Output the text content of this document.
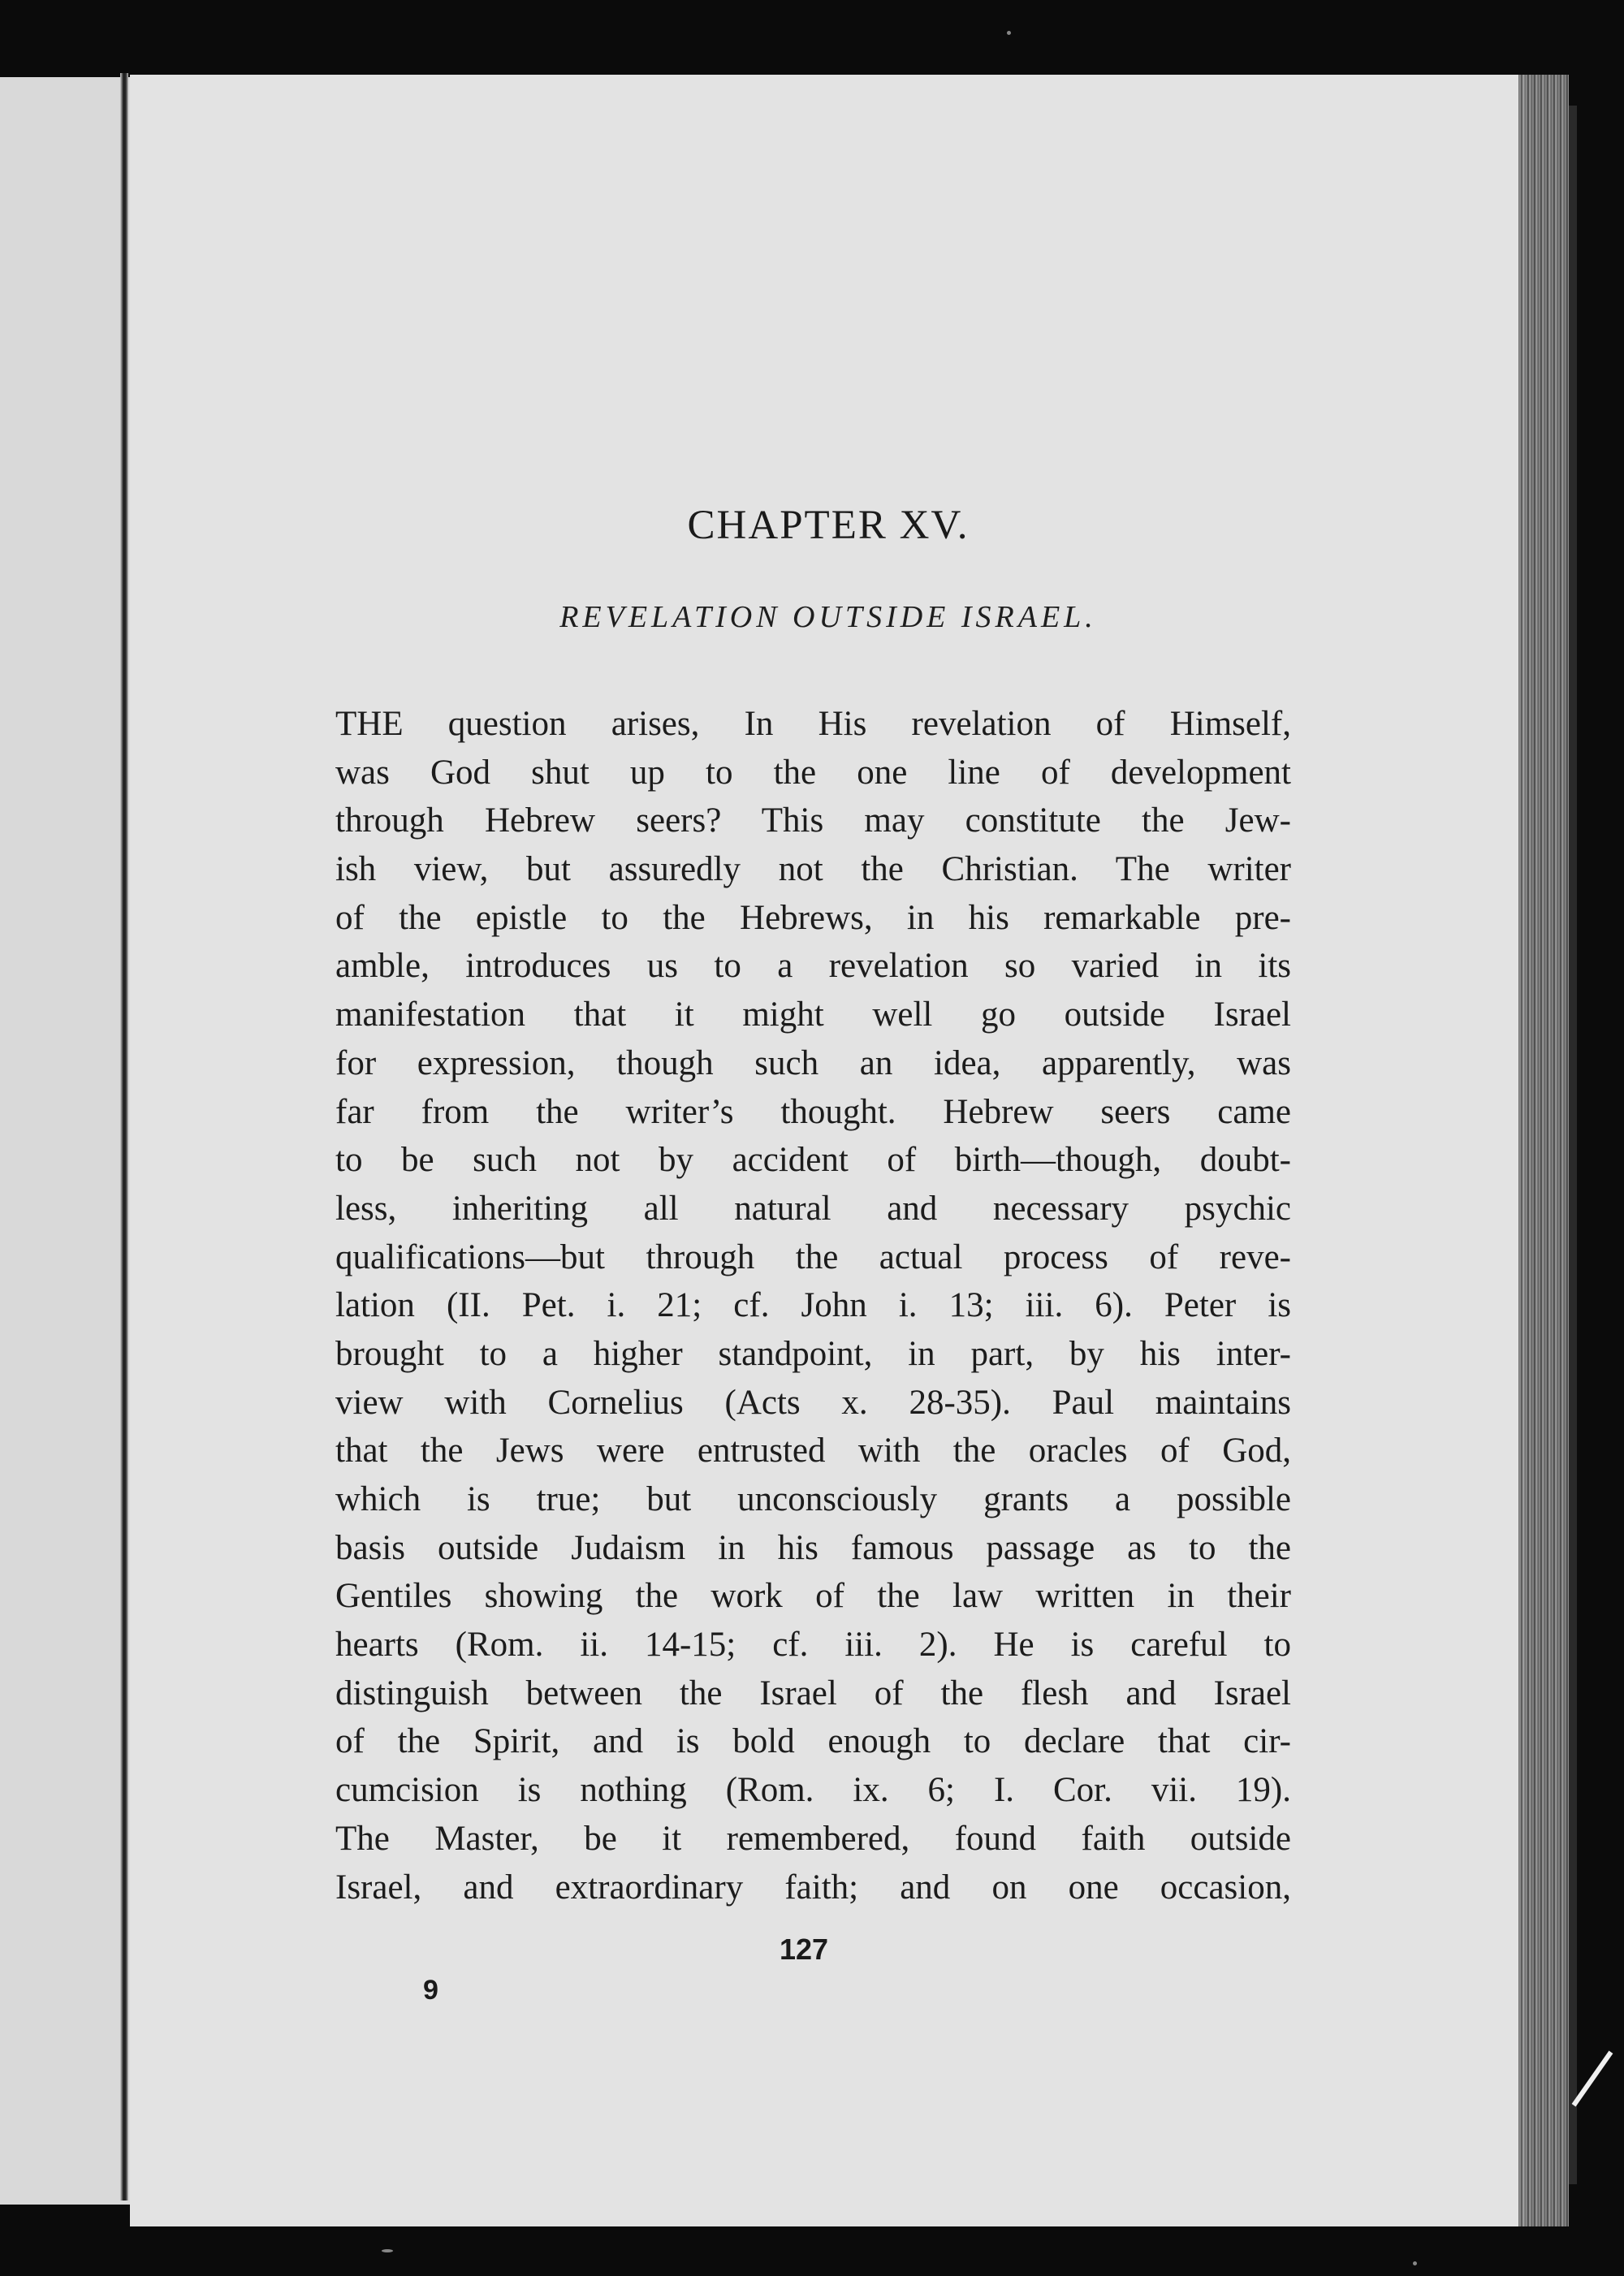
CHAPTER XV.
REVELATION OUTSIDE ISRAEL.
THE question arises, In His revelation of Himself,
was God shut up to the one line of development
through Hebrew seers? This may constitute the Jew-
ish view, but assuredly not the Christian. The writer
of the epistle to the Hebrews, in his remarkable pre-
amble, introduces us to a revelation so varied in its
manifestation that it might well go outside Israel
for expression, though such an idea, apparently, was
far from the writer’s thought. Hebrew seers came
to be such not by accident of birth—though, doubt-
less, inheriting all natural and necessary psychic
qualifications—but through the actual process of reve-
lation (II. Pet. i. 21; cf. John i. 13; iii. 6). Peter is
brought to a higher standpoint, in part, by his inter-
view with Cornelius (Acts x. 28-35). Paul maintains
that the Jews were entrusted with the oracles of God,
which is true; but unconsciously grants a possible
basis outside Judaism in his famous passage as to the
Gentiles showing the work of the law written in their
hearts (Rom. ii. 14-15; cf. iii. 2). He is careful to
distinguish between the Israel of the flesh and Israel
of the Spirit, and is bold enough to declare that cir-
cumcision is nothing (Rom. ix. 6; I. Cor. vii. 19).
The Master, be it remembered, found faith outside
Israel, and extraordinary faith; and on one occasion,
127
9
